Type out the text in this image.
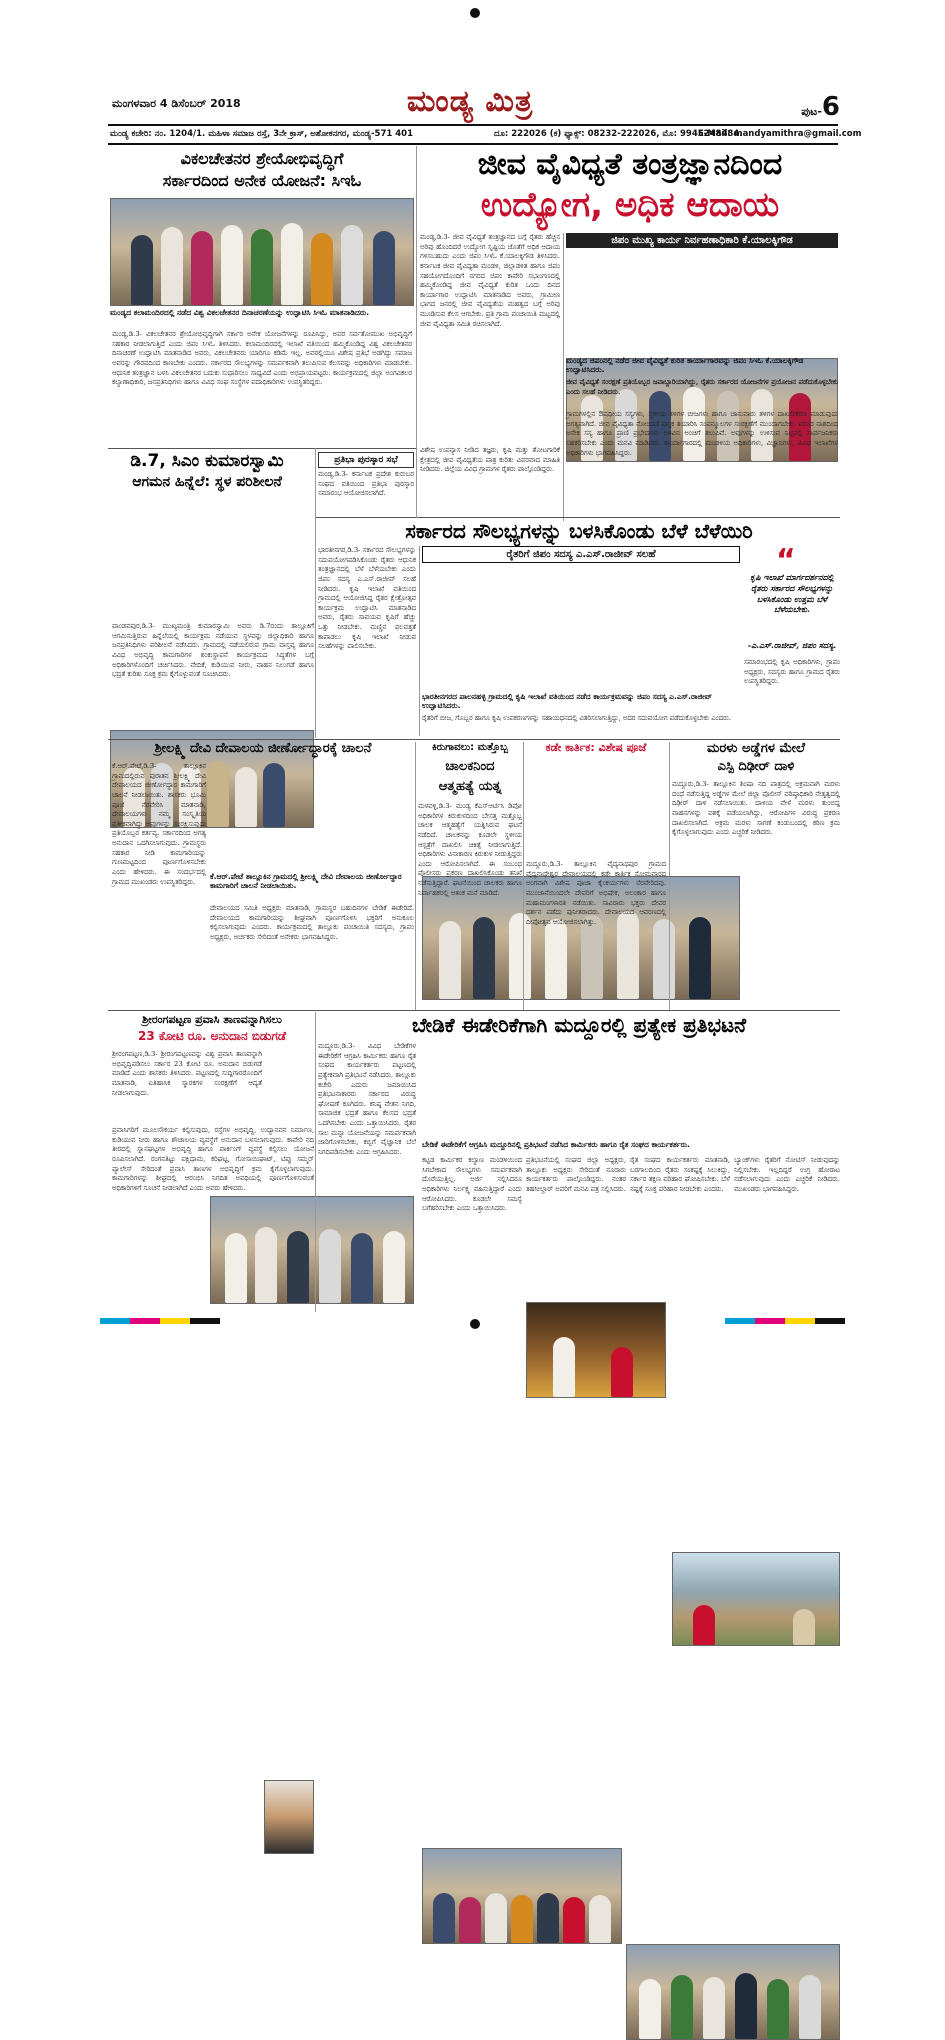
ಮಂಗಳವಾರ 4 ಡಿಸೆಂಬರ್ 2018	ಮಂಡ್ಯ ಮಿತ್ರ	ಪುಟ-6
ಮಂಡ್ಯ ಕಚೇರಿ: ನಂ. 1204/1. ಮಹಿಳಾ ಸಮಾಜ ರಸ್ತೆ, 3ನೇ ಕ್ರಾಸ್, ಅಶೋಕನಗರ, ಮಂಡ್ಯ-571 401	ದೂ: 222026 (ಕ) ಫ್ಯಾಕ್ಸ್: 08232-222026, ಮೊ: 9945248484.
E-Mail: mandyamithra@gmail.com
ವಿಕಲಚೇತನರ ಶ್ರೇಯೋಭಿವೃದ್ಧಿಗೆ
ಸರ್ಕಾರದಿಂದ ಅನೇಕ ಯೋಜನೆ: ಸಿಇಓ
ಮಂಡ್ಯದ ಕಲಾಮಂದಿರದಲ್ಲಿ ನಡೆದ ವಿಶ್ವ ವಿಕಲಚೇತನರ ದಿನಾಚರಣೆಯನ್ನು ಉದ್ಘಾಟಿಸಿ ಸಿಇಓ ಮಾತನಾಡಿದರು.
ಮಂಡ್ಯ,ಡಿ.3- ವಿಕಲಚೇತನರ ಶ್ರೇಯೋಭಿವೃದ್ಧಿಗಾಗಿ ಸರ್ಕಾರ ಅನೇಕ ಯೋಜನೆಗಳನ್ನು ರೂಪಿಸಿದ್ದು, ಅವರ ಸರ್ವತೋಮುಖ ಅಭಿವೃದ್ಧಿಗೆ ಸಹಕಾರ ನೀಡಲಾಗುತ್ತಿದೆ ಎಂದು ಜಿಪಂ ಸಿಇಓ ತಿಳಿಸಿದರು. ಕಲಾಮಂದಿರದಲ್ಲಿ ಇಲಾಖೆ ವತಿಯಿಂದ ಹಮ್ಮಿಕೊಂಡಿದ್ದ ವಿಶ್ವ ವಿಕಲಚೇತನರ ದಿನಾಚರಣೆ ಉದ್ಘಾಟಿಸಿ ಮಾತನಾಡಿದ ಅವರು, ವಿಕಲಚೇತನರು ಯಾರಿಗೂ ಕಡಿಮೆ ಇಲ್ಲ. ಅವರಲ್ಲಿಯೂ ವಿಶೇಷ ಪ್ರತಿಭೆ ಅಡಗಿದ್ದು ಸಮಾಜ ಅವರನ್ನು ಗೌರವದಿಂದ ಕಾಣಬೇಕು ಎಂದರು. ಸರ್ಕಾರದ ಸೌಲಭ್ಯಗಳನ್ನು ಸಮರ್ಪಕವಾಗಿ ತಲುಪಿಸುವ ಕೆಲಸವನ್ನು ಅಧಿಕಾರಿಗಳು ಮಾಡಬೇಕು. ಆಧುನಿಕ ತಂತ್ರಜ್ಞಾನ ಬಳಸಿ ವಿಕಲಚೇತನರ ಬದುಕು ಸುಧಾರಿಸಲು ಸಾಧ್ಯವಿದೆ ಎಂದು ಅಭಿಪ್ರಾಯಪಟ್ಟರು. ಕಾರ್ಯಕ್ರಮದಲ್ಲಿ ಜಿಲ್ಲಾ ಅಂಗವಿಕಲರ ಕಲ್ಯಾಣಾಧಿಕಾರಿ, ಜನಪ್ರತಿನಿಧಿಗಳು ಹಾಗೂ ವಿವಿಧ ಸಂಘ ಸಂಸ್ಥೆಗಳ ಪದಾಧಿಕಾರಿಗಳು ಉಪಸ್ಥಿತರಿದ್ದರು.
ಜೀವ ವೈವಿಧ್ಯತೆ ತಂತ್ರಜ್ಞಾನದಿಂದ
ಉದ್ಯೋಗ, ಅಧಿಕ ಆದಾಯ
ಮಂಡ್ಯ,ಡಿ.3- ಜೀವ ವೈವಿಧ್ಯತೆ ತಂತ್ರಜ್ಞಾನದ ಬಗ್ಗೆ ರೈತರು ಹೆಚ್ಚಿನ ಅರಿವು ಹೊಂದಿದರೆ ಉದ್ಯೋಗ ಸೃಷ್ಟಿಯ ಜೊತೆಗೆ ಅಧಿಕ ಆದಾಯ ಗಳಿಸಬಹುದು ಎಂದು ಜಿಪಂ ಸಿಇಓ ಕೆ.ಯಾಲಕ್ಕಿಗೌಡ ತಿಳಿಸಿದರು. ಕರ್ನಾಟಕ ಜೀವ ವೈವಿಧ್ಯತಾ ಮಂಡಳಿ, ಜಿಲ್ಲಾಡಳಿತ ಹಾಗೂ ಜಿಪಂ ಸಹಯೋಗದೊಂದಿಗೆ ನಗರದ ಜಿಪಂ ಕಾವೇರಿ ಸಭಾಂಗಣದಲ್ಲಿ ಹಮ್ಮಿಕೊಂಡಿದ್ದ ಜೀವ ವೈವಿಧ್ಯತೆ ಕುರಿತ ಒಂದು ದಿನದ ಕಾರ್ಯಾಗಾರ ಉದ್ಘಾಟಿಸಿ ಮಾತನಾಡಿದ ಅವರು, ಗ್ರಾಮೀಣ ಭಾಗದ ಜನರಲ್ಲಿ ಜೀವ ವೈವಿಧ್ಯತೆಯ ಮಹತ್ವದ ಬಗ್ಗೆ ಅರಿವು ಮೂಡಿಸುವ ಕೆಲಸ ಆಗಬೇಕು. ಪ್ರತಿ ಗ್ರಾಮ ಪಂಚಾಯಿತಿ ಮಟ್ಟದಲ್ಲಿ ಜೀವ ವೈವಿಧ್ಯತಾ ಸಮಿತಿ ರಚಿಸಲಾಗಿದೆ.
ಜಿಪಂ ಮುಖ್ಯ ಕಾರ್ಯ ನಿರ್ವಹಣಾಧಿಕಾರಿ ಕೆ.ಯಾಲಕ್ಕಿಗೌಡ
ಮಂಡ್ಯದ ಜಿಪಂನಲ್ಲಿ ನಡೆದ ಜೀವ ವೈವಿಧ್ಯತೆ ಕುರಿತ ಕಾರ್ಯಾಗಾರವನ್ನು ಜಿಪಂ ಸಿಇಓ ಕೆ.ಯಾಲಕ್ಕಿಗೌಡ ಉದ್ಘಾಟಿಸಿದರು.
ಜೀವ ವೈವಿಧ್ಯತೆ ಸಂರಕ್ಷಣೆ ಪ್ರತಿಯೊಬ್ಬರ ಜವಾಬ್ದಾರಿಯಾಗಿದ್ದು, ರೈತರು ಸರ್ಕಾರದ ಯೋಜನೆಗಳ ಪ್ರಯೋಜನ ಪಡೆದುಕೊಳ್ಳಬೇಕು ಎಂದು ಸಲಹೆ ನೀಡಿದರು.
ಗ್ರಾಮಗಳಲ್ಲಿನ ಔಷಧೀಯ ಸಸ್ಯಗಳು, ಸ್ಥಳೀಯ ತಳಿಗಳ ಬೀಜಗಳು ಹಾಗೂ ಜಾನುವಾರು ತಳಿಗಳ ದಾಖಲೀಕರಣ ಮಾಡುವುದು ಅಗತ್ಯವಾಗಿದೆ. ಜೀವ ವೈವಿಧ್ಯತಾ ನೋಂದಣಿ ಪುಸ್ತಕ ತಯಾರಿಸಿ ಸಂಪನ್ಮೂಲಗಳ ಸಂರಕ್ಷಣೆಗೆ ಮುಂದಾಗಬೇಕು. ಪರಿಸರ ನಾಶದಿಂದ ಅನೇಕ ಸಸ್ಯ ಹಾಗೂ ಪ್ರಾಣಿ ಪ್ರಭೇದಗಳು ಅಳಿವಿನ ಅಂಚಿಗೆ ತಲುಪಿವೆ. ಅವುಗಳನ್ನು ಉಳಿಸುವ ನಿಟ್ಟಿನಲ್ಲಿ ಸಾರ್ವಜನಿಕರು ಸಹಕರಿಸಬೇಕು ಎಂದು ಮನವಿ ಮಾಡಿದರು. ಕಾರ್ಯಾಗಾರದಲ್ಲಿ ಮಂಡಳಿಯ ಅಧಿಕಾರಿಗಳು, ವಿಜ್ಞಾನಿಗಳು, ವಿವಿಧ ಇಲಾಖೆಗಳ ಅಧಿಕಾರಿಗಳು ಭಾಗವಹಿಸಿದ್ದರು.
ವಿಶೇಷ ಉಪನ್ಯಾಸ ನೀಡಿದ ತಜ್ಞರು, ಕೃಷಿ ಮತ್ತು ತೋಟಗಾರಿಕೆ ಕ್ಷೇತ್ರದಲ್ಲಿ ಜೀವ ವೈವಿಧ್ಯತೆಯ ಪಾತ್ರ ಕುರಿತು ವಿವರವಾದ ಮಾಹಿತಿ ನೀಡಿದರು. ಜಿಲ್ಲೆಯ ವಿವಿಧ ಗ್ರಾಮಗಳ ರೈತರು ಪಾಲ್ಗೊಂಡಿದ್ದರು.
ಡಿ.7, ಸಿಎಂ ಕುಮಾರಸ್ವಾಮಿ
ಆಗಮನ ಹಿನ್ನೆಲೆ: ಸ್ಥಳ ಪರಿಶೀಲನೆ
ಪಾಂಡವಪುರ,ಡಿ.3- ಮುಖ್ಯಮಂತ್ರಿ ಕುಮಾರಸ್ವಾಮಿ ಅವರು ಡಿ.7ರಂದು ತಾಲ್ಲೂಕಿಗೆ ಆಗಮಿಸುತ್ತಿರುವ ಹಿನ್ನೆಲೆಯಲ್ಲಿ ಕಾರ್ಯಕ್ರಮ ನಡೆಯುವ ಸ್ಥಳವನ್ನು ಜಿಲ್ಲಾಧಿಕಾರಿ ಹಾಗೂ ಜನಪ್ರತಿನಿಧಿಗಳು ಪರಿಶೀಲನೆ ನಡೆಸಿದರು. ಗ್ರಾಮದಲ್ಲಿ ನಡೆಯಲಿರುವ ಗ್ರಾಮ ವಾಸ್ತವ್ಯ ಹಾಗೂ ವಿವಿಧ ಅಭಿವೃದ್ಧಿ ಕಾಮಗಾರಿಗಳ ಶಂಕುಸ್ಥಾಪನೆ ಕಾರ್ಯಕ್ರಮದ ಸಿದ್ಧತೆಗಳ ಬಗ್ಗೆ ಅಧಿಕಾರಿಗಳೊಂದಿಗೆ ಚರ್ಚಿಸಿದರು. ವೇದಿಕೆ, ಕುಡಿಯುವ ನೀರು, ವಾಹನ ನಿಲುಗಡೆ ಹಾಗೂ ಭದ್ರತೆ ಕುರಿತು ಸೂಕ್ತ ಕ್ರಮ ಕೈಗೊಳ್ಳುವಂತೆ ಸೂಚಿಸಿದರು.
ಪ್ರತಿಭಾ ಪುರಸ್ಕಾರ ಸಭೆ
ಮಂಡ್ಯ,ಡಿ.3- ಕರ್ನಾಟಕ ಪ್ರದೇಶ ಕುರುಬರ ಸಂಘದ ವತಿಯಿಂದ ಪ್ರತಿಭಾ ಪುರಸ್ಕಾರ ಸಮಾರಂಭ ಆಯೋಜಿಸಲಾಗಿದೆ.
ಸರ್ಕಾರದ ಸೌಲಭ್ಯಗಳನ್ನು ಬಳಸಿಕೊಂಡು ಬೆಳೆ ಬೆಳೆಯಿರಿ
ರೈತರಿಗೆ ಜಿಪಂ ಸದಸ್ಯ ಎ.ಎಸ್.ರಾಜೀವ್ ಸಲಹೆ
ಭಾರತೀನಗರ,ಡಿ.3- ಸರ್ಕಾರದ ಸೌಲಭ್ಯಗಳನ್ನು ಸದುಪಯೋಗಪಡಿಸಿಕೊಂಡು ರೈತರು ಆಧುನಿಕ ತಂತ್ರಜ್ಞಾನದಲ್ಲಿ ಬೆಳೆ ಬೆಳೆಯಬೇಕು ಎಂದು ಜಿಪಂ ಸದಸ್ಯ ಎ.ಎಸ್.ರಾಜೀವ್ ಸಲಹೆ ನೀಡಿದರು. ಕೃಷಿ ಇಲಾಖೆ ವತಿಯಿಂದ ಗ್ರಾಮದಲ್ಲಿ ಆಯೋಜಿಸಿದ್ದ ರೈತರ ಕ್ಷೇತ್ರೋತ್ಸವ ಕಾರ್ಯಕ್ರಮ ಉದ್ಘಾಟಿಸಿ ಮಾತನಾಡಿದ ಅವರು, ರೈತರು ಸಾವಯವ ಕೃಷಿಗೆ ಹೆಚ್ಚು ಒತ್ತು ನೀಡಬೇಕು. ಮಣ್ಣಿನ ಫಲವತ್ತತೆ ಕಾಪಾಡಲು ಕೃಷಿ ಇಲಾಖೆ ನೀಡುವ ಸಲಹೆಗಳನ್ನು ಪಾಲಿಸಬೇಕು.
ಭಾರತೀನಗರದ ಪಾಲನಹಳ್ಳಿ ಗ್ರಾಮದಲ್ಲಿ ಕೃಷಿ ಇಲಾಖೆ ವತಿಯಿಂದ ನಡೆದ ಕಾರ್ಯಕ್ರಮವನ್ನು ಜಿಪಂ ಸದಸ್ಯ ಎ.ಎಸ್.ರಾಜೀವ್ ಉದ್ಘಾಟಿಸಿದರು.
ರೈತರಿಗೆ ಬೀಜ, ಗೊಬ್ಬರ ಹಾಗೂ ಕೃಷಿ ಉಪಕರಣಗಳನ್ನು ಸಹಾಯಧನದಲ್ಲಿ ವಿತರಿಸಲಾಗುತ್ತಿದ್ದು, ಅದರ ಸದುಪಯೋಗ ಪಡೆದುಕೊಳ್ಳಬೇಕು ಎಂದರು.
“
ಕೃಷಿ ಇಲಾಖೆ ಮಾರ್ಗದರ್ಶನದಲ್ಲಿ ರೈತರು ಸರ್ಕಾರದ ಸೌಲಭ್ಯಗಳನ್ನು ಬಳಸಿಕೊಂಡು ಉತ್ತಮ ಬೆಳೆ ಬೆಳೆಯಬೇಕು.
-ಎ.ಎಸ್.ರಾಜೀವ್, ಜಿಪಂ ಸದಸ್ಯ.
ಸಮಾರಂಭದಲ್ಲಿ ಕೃಷಿ ಅಧಿಕಾರಿಗಳು, ಗ್ರಾಪಂ ಅಧ್ಯಕ್ಷರು, ಸದಸ್ಯರು ಹಾಗೂ ಗ್ರಾಮದ ರೈತರು ಉಪಸ್ಥಿತರಿದ್ದರು.
ಶ್ರೀಲಕ್ಷ್ಮಿ ದೇವಿ ದೇವಾಲಯ ಜೀರ್ಣೋದ್ಧಾರಕ್ಕೆ ಚಾಲನೆ
ಕೆ.ಆರ್.ಪೇಟೆ,ಡಿ.3- ತಾಲ್ಲೂಕಿನ ಗ್ರಾಮದಲ್ಲಿರುವ ಪುರಾತನ ಶ್ರೀಲಕ್ಷ್ಮಿ ದೇವಿ ದೇವಾಲಯದ ಜೀರ್ಣೋದ್ಧಾರ ಕಾಮಗಾರಿಗೆ ಚಾಲನೆ ನೀಡಲಾಯಿತು. ಶಾಸಕರು ಭೂಮಿ ಪೂಜೆ ನೆರವೇರಿಸಿ ಮಾತನಾಡಿ, ದೇವಾಲಯಗಳು ನಮ್ಮ ಸಂಸ್ಕೃತಿಯ ಪ್ರತೀಕವಾಗಿದ್ದು ಅವುಗಳನ್ನು ಸಂರಕ್ಷಿಸುವುದು ಪ್ರತಿಯೊಬ್ಬರ ಕರ್ತವ್ಯ. ಸರ್ಕಾರದಿಂದ ಅಗತ್ಯ ಅನುದಾನ ಒದಗಿಸಲಾಗುವುದು. ಗ್ರಾಮಸ್ಥರು ಸಹಕಾರ ನೀಡಿ ಕಾಮಗಾರಿಯನ್ನು ಗುಣಮಟ್ಟದಿಂದ ಪೂರ್ಣಗೊಳಿಸಬೇಕು ಎಂದು ಹೇಳಿದರು. ಈ ಸಂದರ್ಭದಲ್ಲಿ ಗ್ರಾಮದ ಮುಖಂಡರು ಉಪಸ್ಥಿತರಿದ್ದರು.
ಕೆ.ಆರ್.ಪೇಟೆ ತಾಲ್ಲೂಕಿನ ಗ್ರಾಮದಲ್ಲಿ ಶ್ರೀಲಕ್ಷ್ಮಿ ದೇವಿ ದೇವಾಲಯ ಜೀರ್ಣೋದ್ಧಾರ ಕಾಮಗಾರಿಗೆ ಚಾಲನೆ ನೀಡಲಾಯಿತು.
ದೇವಾಲಯದ ಸಮಿತಿ ಅಧ್ಯಕ್ಷರು ಮಾತನಾಡಿ, ಗ್ರಾಮಸ್ಥರ ಬಹುದಿನಗಳ ಬೇಡಿಕೆ ಈಡೇರಿದೆ. ದೇವಾಲಯದ ಕಾಮಗಾರಿಯನ್ನು ಶೀಘ್ರವಾಗಿ ಪೂರ್ಣಗೊಳಿಸಿ ಭಕ್ತರಿಗೆ ಅನುಕೂಲ ಕಲ್ಪಿಸಲಾಗುವುದು ಎಂದರು. ಕಾರ್ಯಕ್ರಮದಲ್ಲಿ ತಾಲ್ಲೂಕು ಪಂಚಾಯಿತಿ ಸದಸ್ಯರು, ಗ್ರಾಪಂ ಅಧ್ಯಕ್ಷರು, ಅರ್ಚಕರು ಸೇರಿದಂತೆ ಅನೇಕರು ಭಾಗವಹಿಸಿದ್ದರು.
ಕಿರುಗಾವಲು: ಮತ್ತೊಬ್ಬ
ಚಾಲಕನಿಂದ
ಆತ್ಮಹತ್ಯೆ ಯತ್ನ
ಮಳವಳ್ಳಿ,ಡಿ.3- ಮಂಡ್ಯ ಕೆಎಸ್ಆರ್ಟಿಸಿ ಡಿಪೋ ಅಧಿಕಾರಿಗಳ ಕಿರುಕುಳದಿಂದ ಬೇಸತ್ತ ಮತ್ತೊಬ್ಬ ಚಾಲಕ ಆತ್ಮಹತ್ಯೆಗೆ ಯತ್ನಿಸಿರುವ ಘಟನೆ ನಡೆದಿದೆ. ಚಾಲಕನನ್ನು ಕೂಡಲೇ ಸ್ಥಳೀಯ ಆಸ್ಪತ್ರೆಗೆ ದಾಖಲಿಸಿ ಚಿಕಿತ್ಸೆ ನೀಡಲಾಗುತ್ತಿದೆ. ಅಧಿಕಾರಿಗಳು ವಿನಾಕಾರಣ ಕಿರುಕುಳ ನೀಡುತ್ತಿದ್ದರು ಎಂದು ಆರೋಪಿಸಲಾಗಿದೆ. ಈ ಸಂಬಂಧ ಪೊಲೀಸರು ಪ್ರಕರಣ ದಾಖಲಿಸಿಕೊಂಡು ತನಿಖೆ ನಡೆಸುತ್ತಿದ್ದಾರೆ. ಘಟನೆಯಿಂದ ಚಾಲಕರು ಹಾಗೂ ನಿರ್ವಾಹಕರಲ್ಲಿ ಆತಂಕ ಮನೆ ಮಾಡಿದೆ.
ಕಡೇ ಕಾರ್ತಿಕ: ವಿಶೇಷ ಪೂಜೆ
ಮದ್ದೂರು,ಡಿ.3- ತಾಲ್ಲೂಕಿನ ವೈದ್ಯನಾಥಪುರ ಗ್ರಾಮದ ವೈದ್ಯನಾಥೇಶ್ವರ ದೇವಾಲಯದಲ್ಲಿ ಕಡೇ ಕಾರ್ತಿಕ ಸೋಮವಾರದ ಅಂಗವಾಗಿ ವಿಶೇಷ ಪೂಜಾ ಕೈಂಕರ್ಯಗಳು ನೆರವೇರಿದವು. ಮುಂಜಾನೆಯಿಂದಲೇ ದೇವರಿಗೆ ಅಭಿಷೇಕ, ಅಲಂಕಾರ ಹಾಗೂ ಮಹಾಮಂಗಳಾರತಿ ನಡೆಯಿತು. ಸಾವಿರಾರು ಭಕ್ತರು ದೇವರ ದರ್ಶನ ಪಡೆದು ಪುನೀತರಾದರು. ದೇವಾಲಯದ ಆವರಣದಲ್ಲಿ ದೀಪೋತ್ಸವ ಆಯೋಜಿಸಲಾಗಿತ್ತು.
ಮರಳು ಅಡ್ಡೆಗಳ ಮೇಲೆ
ಎಸ್ಪಿ ದಿಢೀರ್ ದಾಳಿ
ಮದ್ದೂರು,ಡಿ.3- ತಾಲ್ಲೂಕಿನ ಶಿಂಷಾ ನದಿ ಪಾತ್ರದಲ್ಲಿ ಅಕ್ರಮವಾಗಿ ಮರಳು ದಂಧೆ ನಡೆಸುತ್ತಿದ್ದ ಅಡ್ಡೆಗಳ ಮೇಲೆ ಜಿಲ್ಲಾ ಪೊಲೀಸ್ ವರಿಷ್ಠಾಧಿಕಾರಿ ನೇತೃತ್ವದಲ್ಲಿ ದಿಢೀರ್ ದಾಳಿ ನಡೆಸಲಾಯಿತು. ದಾಳಿಯ ವೇಳೆ ಮರಳು ತುಂಬಿದ್ದ ವಾಹನಗಳನ್ನು ವಶಕ್ಕೆ ಪಡೆಯಲಾಗಿದ್ದು, ಆರೋಪಿಗಳ ವಿರುದ್ಧ ಪ್ರಕರಣ ದಾಖಲಿಸಲಾಗಿದೆ. ಅಕ್ರಮ ಮರಳು ಸಾಗಣೆ ಕಂಡುಬಂದಲ್ಲಿ ಕಠಿಣ ಕ್ರಮ ಕೈಗೊಳ್ಳಲಾಗುವುದು ಎಂದು ಎಚ್ಚರಿಕೆ ನೀಡಿದರು.
ಶ್ರೀರಂಗಪಟ್ಟಣ ಪ್ರವಾಸಿ ತಾಣವನ್ನಾಗಿಸಲು
23 ಕೋಟಿ ರೂ. ಅನುದಾನ ಬಿಡುಗಡೆ
ಶ್ರೀರಂಗಪಟ್ಟಣ,ಡಿ.3- ಶ್ರೀರಂಗಪಟ್ಟಣವನ್ನು ವಿಶ್ವ ಪ್ರವಾಸಿ ತಾಣವನ್ನಾಗಿ ಅಭಿವೃದ್ಧಿಪಡಿಸಲು ಸರ್ಕಾರ 23 ಕೋಟಿ ರೂ. ಅನುದಾನ ಬಿಡುಗಡೆ ಮಾಡಿದೆ ಎಂದು ಶಾಸಕರು ತಿಳಿಸಿದರು. ಪಟ್ಟಣದಲ್ಲಿ ಸುದ್ದಿಗಾರರೊಂದಿಗೆ ಮಾತನಾಡಿ, ಐತಿಹಾಸಿಕ ಸ್ಮಾರಕಗಳ ಸಂರಕ್ಷಣೆಗೆ ಆದ್ಯತೆ ನೀಡಲಾಗುವುದು.
ಪ್ರವಾಸಿಗರಿಗೆ ಮೂಲಸೌಕರ್ಯ ಕಲ್ಪಿಸುವುದು, ರಸ್ತೆಗಳ ಅಭಿವೃದ್ಧಿ, ಉದ್ಯಾನವನ ನಿರ್ಮಾಣ, ಕುಡಿಯುವ ನೀರು ಹಾಗೂ ಶೌಚಾಲಯ ವ್ಯವಸ್ಥೆಗೆ ಅನುದಾನ ಬಳಸಲಾಗುವುದು. ಕಾವೇರಿ ನದಿ ತೀರದಲ್ಲಿ ಸ್ನಾನಘಟ್ಟಗಳ ಅಭಿವೃದ್ಧಿ ಹಾಗೂ ಪಾರ್ಕಿಂಗ್ ವ್ಯವಸ್ಥೆ ಕಲ್ಪಿಸಲು ಯೋಜನೆ ರೂಪಿಸಲಾಗಿದೆ. ರಂಗನತಿಟ್ಟು ಪಕ್ಷಿಧಾಮ, ಕರಿಘಟ್ಟ, ಗೋಸಾಯಿಘಾಟ್, ಟಿಪ್ಪು ಸಮ್ಮರ್ ಪ್ಯಾಲೇಸ್ ಸೇರಿದಂತೆ ಪ್ರವಾಸಿ ತಾಣಗಳ ಅಭಿವೃದ್ಧಿಗೆ ಕ್ರಮ ಕೈಗೊಳ್ಳಲಾಗುವುದು. ಕಾಮಗಾರಿಗಳನ್ನು ಶೀಘ್ರದಲ್ಲಿ ಆರಂಭಿಸಿ ನಿಗದಿತ ಅವಧಿಯಲ್ಲಿ ಪೂರ್ಣಗೊಳಿಸುವಂತೆ ಅಧಿಕಾರಿಗಳಿಗೆ ಸೂಚನೆ ನೀಡಲಾಗಿದೆ ಎಂದು ಅವರು ಹೇಳಿದರು.
ಬೇಡಿಕೆ ಈಡೇರಿಕೆಗಾಗಿ ಮದ್ದೂರಲ್ಲಿ ಪ್ರತ್ಯೇಕ ಪ್ರತಿಭಟನೆ
ಮದ್ದೂರು,ಡಿ.3- ವಿವಿಧ ಬೇಡಿಕೆಗಳ ಈಡೇರಿಕೆಗೆ ಆಗ್ರಹಿಸಿ ಕಾರ್ಮಿಕರು ಹಾಗೂ ರೈತ ಸಂಘದ ಕಾರ್ಯಕರ್ತರು ಪಟ್ಟಣದಲ್ಲಿ ಪ್ರತ್ಯೇಕವಾಗಿ ಪ್ರತಿಭಟನೆ ನಡೆಸಿದರು. ತಾಲ್ಲೂಕು ಕಚೇರಿ ಎದುರು ಜಮಾಯಿಸಿದ ಪ್ರತಿಭಟನಾಕಾರರು ಸರ್ಕಾರದ ವಿರುದ್ಧ ಘೋಷಣೆ ಕೂಗಿದರು. ಕನಿಷ್ಠ ವೇತನ ನಿಗದಿ, ಸಾಮಾಜಿಕ ಭದ್ರತೆ ಹಾಗೂ ಕೆಲಸದ ಭದ್ರತೆ ಒದಗಿಸಬೇಕು ಎಂದು ಒತ್ತಾಯಿಸಿದರು. ರೈತರ ಸಾಲ ಮನ್ನಾ ಯೋಜನೆಯನ್ನು ಸಮರ್ಪಕವಾಗಿ ಜಾರಿಗೊಳಿಸಬೇಕು, ಕಬ್ಬಿಗೆ ವೈಜ್ಞಾನಿಕ ಬೆಲೆ ನಿಗದಿಪಡಿಸಬೇಕು ಎಂದು ಆಗ್ರಹಿಸಿದರು.
ಬೇಡಿಕೆ ಈಡೇರಿಕೆಗೆ ಆಗ್ರಹಿಸಿ ಮದ್ದೂರಿನಲ್ಲಿ ಪ್ರತಿಭಟನೆ ನಡೆಸಿದ ಕಾರ್ಮಿಕರು ಹಾಗೂ ರೈತ ಸಂಘದ ಕಾರ್ಯಕರ್ತರು.
ಕಟ್ಟಡ ಕಾರ್ಮಿಕರ ಕಲ್ಯಾಣ ಮಂಡಳಿಯಿಂದ ಸಿಗಬೇಕಾದ ಸೌಲಭ್ಯಗಳು ಸಮರ್ಪಕವಾಗಿ ದೊರೆಯುತ್ತಿಲ್ಲ. ಅರ್ಜಿ ಸಲ್ಲಿಸಿದರೂ ಅಧಿಕಾರಿಗಳು ನಿರ್ಲಕ್ಷ್ಯ ವಹಿಸುತ್ತಿದ್ದಾರೆ ಎಂದು ಆರೋಪಿಸಿದರು. ಕೂಡಲೇ ಸಮಸ್ಯೆ ಬಗೆಹರಿಸಬೇಕು ಎಂದು ಒತ್ತಾಯಿಸಿದರು.
ಪ್ರತಿಭಟನೆಯಲ್ಲಿ ಸಂಘದ ಜಿಲ್ಲಾ ಅಧ್ಯಕ್ಷರು, ತಾಲ್ಲೂಕು ಅಧ್ಯಕ್ಷರು ಸೇರಿದಂತೆ ನೂರಾರು ಕಾರ್ಯಕರ್ತರು ಪಾಲ್ಗೊಂಡಿದ್ದರು. ನಂತರ ತಹಸೀಲ್ದಾರ್ ಅವರಿಗೆ ಮನವಿ ಪತ್ರ ಸಲ್ಲಿಸಿದರು.
ರೈತ ಸಂಘದ ಕಾರ್ಯಕರ್ತರು ಮಾತನಾಡಿ, ಬರಗಾಲದಿಂದ ರೈತರು ಸಂಕಷ್ಟಕ್ಕೆ ಸಿಲುಕಿದ್ದು, ಸರ್ಕಾರ ತಕ್ಷಣ ಪರಿಹಾರ ಘೋಷಿಸಬೇಕು. ಬೆಳೆ ನಷ್ಟಕ್ಕೆ ಸೂಕ್ತ ಪರಿಹಾರ ನೀಡಬೇಕು ಎಂದರು.
ಬ್ಯಾಂಕ್‌ಗಳು ರೈತರಿಗೆ ನೋಟಿಸ್ ನೀಡುವುದನ್ನು ನಿಲ್ಲಿಸಬೇಕು. ಇಲ್ಲದಿದ್ದರೆ ಉಗ್ರ ಹೋರಾಟ ನಡೆಸಲಾಗುವುದು ಎಂದು ಎಚ್ಚರಿಕೆ ನೀಡಿದರು. ಮುಖಂಡರು ಭಾಗವಹಿಸಿದ್ದರು.
